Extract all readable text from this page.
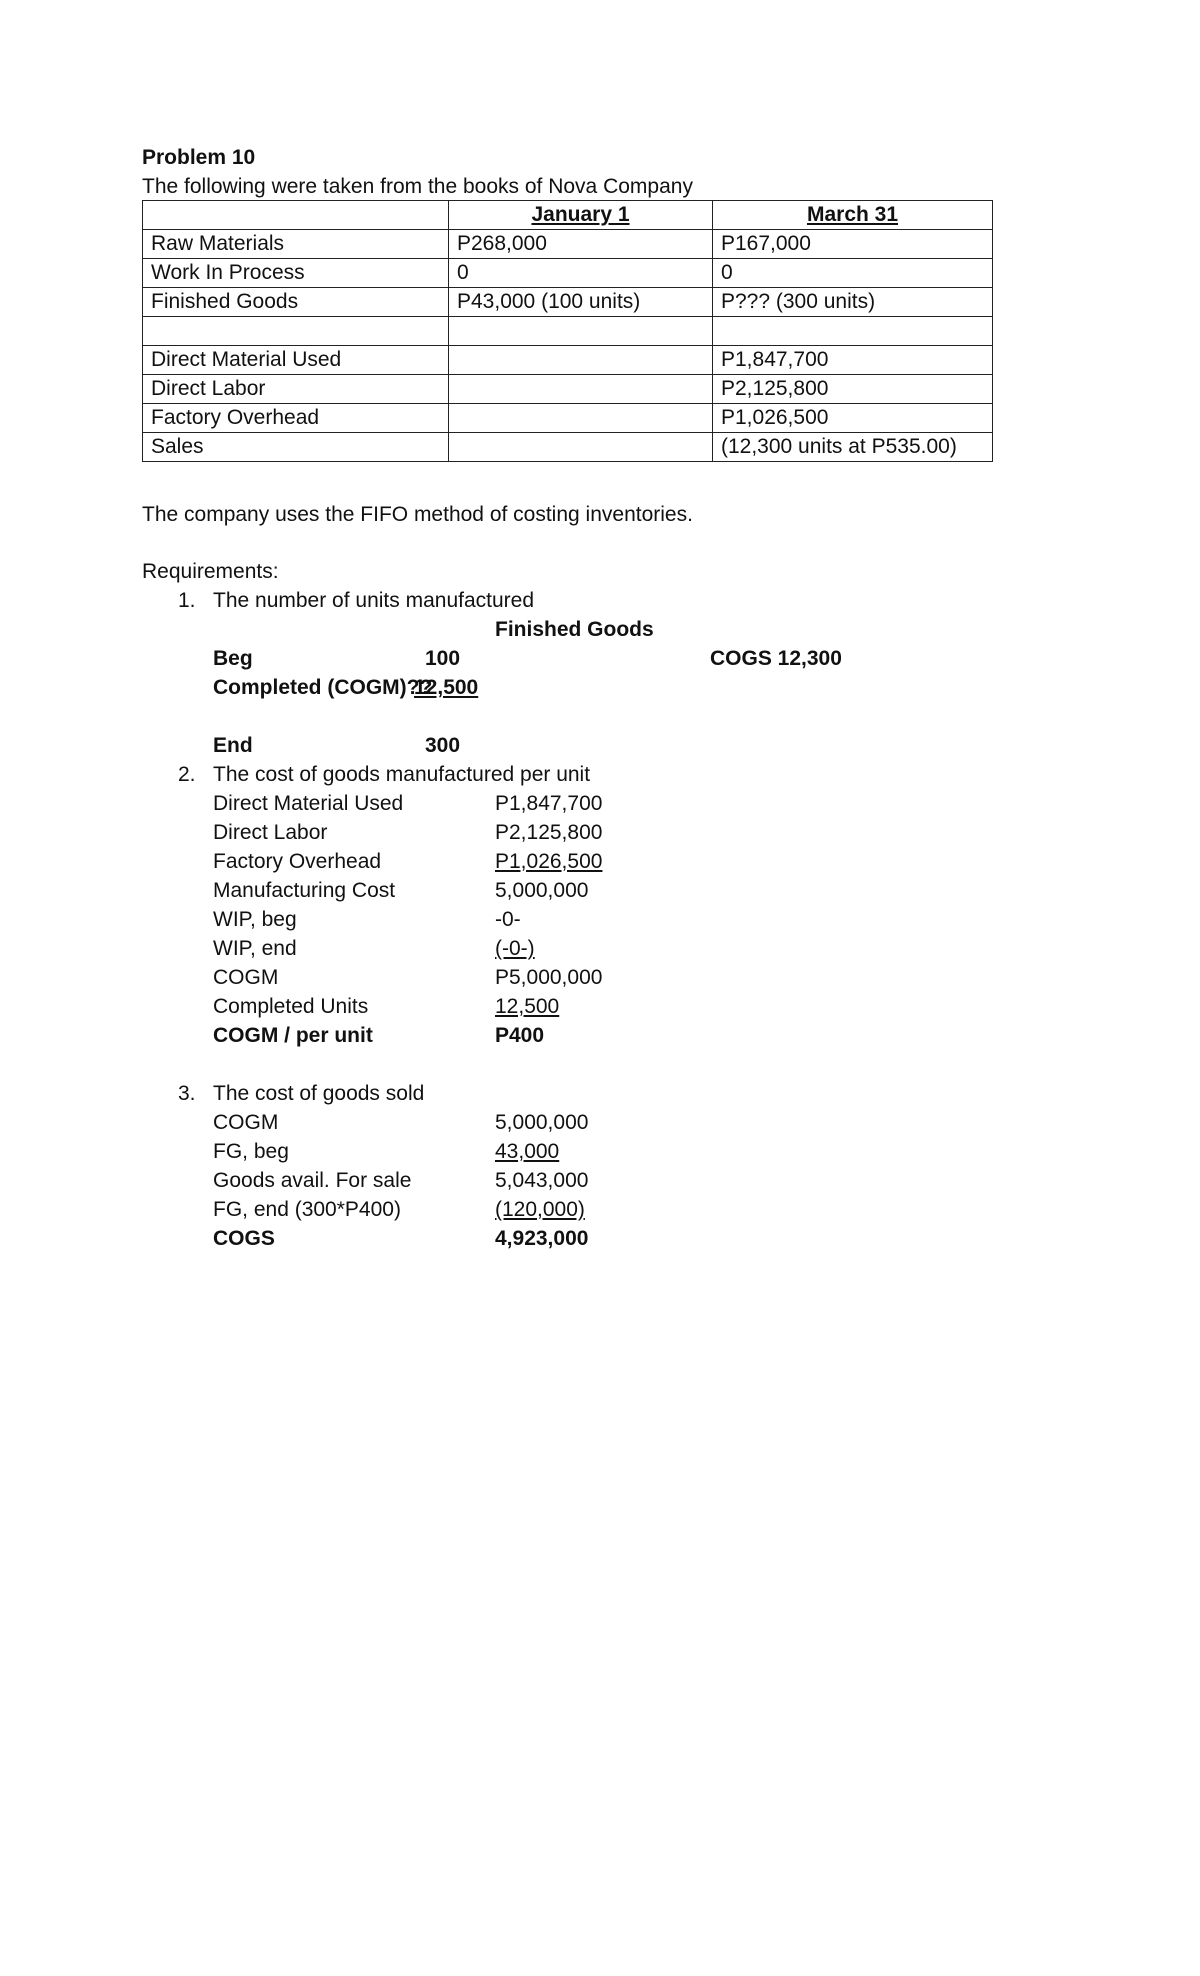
Problem 10
The following were taken from the books of Nova Company
	January 1	March 31
Raw Materials	P268,000	P167,000
Work In Process	0	0
Finished Goods	P43,000 (100 units)	P??? (300 units)

Direct Material Used		P1,847,700
Direct Labor		P2,125,800
Factory Overhead		P1,026,500
Sales		(12,300 units at P535.00)
The company uses the FIFO method of costing inventories.
Requirements:
1. The number of units manufactured
Finished Goods
Beg	100	COGS 12,300
Completed (COGM)??
12,500
End	300
2. The cost of goods manufactured per unit
Direct Material Used	P1,847,700
Direct Labor	P2,125,800
Factory Overhead	P1,026,500
Manufacturing Cost	5,000,000
WIP, beg	-0-
WIP, end	(-0-)
COGM	P5,000,000
Completed Units	12,500
COGM / per unit	P400
3. The cost of goods sold
COGM	5,000,000
FG, beg	43,000
Goods avail. For sale	5,043,000
FG, end (300*P400)	(120,000)
COGS	4,923,000
